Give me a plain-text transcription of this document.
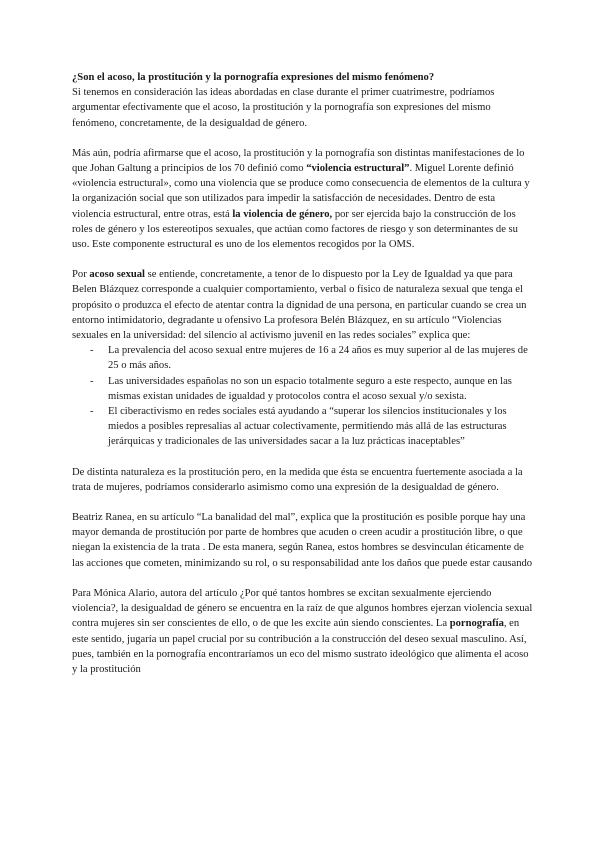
¿Son el acoso, la prostitución y la pornografía expresiones del mismo fenómeno?

Si tenemos en consideración las ideas abordadas en clase durante el primer cuatrimestre, podríamos argumentar efectivamente que el acoso, la prostitución y la pornografía son expresiones del mismo fenómeno, concretamente, de la desigualdad de género.

Más aún, podría afirmarse que el acoso, la prostitución y la pornografía son distintas manifestaciones de lo que Johan Galtung a principios de los 70 definió como “violencia estructural”. Miguel Lorente definió «violencia estructural», como una violencia que se produce como consecuencia de elementos de la cultura y la organización social que son utilizados para impedir la satisfacción de necesidades. Dentro de esta violencia estructural, entre otras, está la violencia de género, por ser ejercida bajo la construcción de los roles de género y los estereotipos sexuales, que actúan como factores de riesgo y son determinantes de su uso. Este componente estructural es uno de los elementos recogidos por la OMS.

Por acoso sexual se entiende, concretamente, a tenor de lo dispuesto por la Ley de Igualdad ya que para Belen Blázquez corresponde a cualquier comportamiento, verbal o físico de naturaleza sexual que tenga el propósito o produzca el efecto de atentar contra la dignidad de una persona, en particular cuando se crea un entorno intimidatorio, degradante u ofensivo La profesora Belén Blázquez, en su artículo “Violencias sexuales en la universidad: del silencio al activismo juvenil en las redes sociales” explica que:

- La prevalencia del acoso sexual entre mujeres de 16 a 24 años es muy superior al de las mujeres de 25 o más años.
- Las universidades españolas no son un espacio totalmente seguro a este respecto, aunque en las mismas existan unidades de igualdad y protocolos contra el acoso sexual y/o sexista.
- El ciberactivismo en redes sociales está ayudando a “superar los silencios institucionales y los miedos a posibles represalias al actuar colectivamente, permitiendo más allá de las estructuras jerárquicas y tradicionales de las universidades sacar a la luz prácticas inaceptables”

De distinta naturaleza es la prostitución pero, en la medida que ésta se encuentra fuertemente asociada a la trata de mujeres, podríamos considerarlo asimismo como una expresión de la desigualdad de género.

Beatriz Ranea, en su artículo “La banalidad del mal”, explica que la prostitución es posible porque hay una mayor demanda de prostitución por parte de hombres que acuden o creen acudir a prostitución libre, o que niegan la existencia de la trata . De esta manera, según Ranea, estos hombres se desvinculan éticamente de las acciones que cometen, minimizando su rol, o su responsabilidad ante los daños que puede estar causando

Para Mónica Alario, autora del artículo ¿Por qué tantos hombres se excitan sexualmente ejerciendo violencia?, la desigualdad de género se encuentra en la raíz de que algunos hombres ejerzan violencia sexual contra mujeres sin ser conscientes de ello, o de que les excite aún siendo conscientes. La pornografía, en este sentido, jugaría un papel crucial por su contribución a la construcción del deseo sexual masculino. Así, pues, también en la pornografía encontraríamos un eco del mismo sustrato ideológico que alimenta el acoso y la prostitución
